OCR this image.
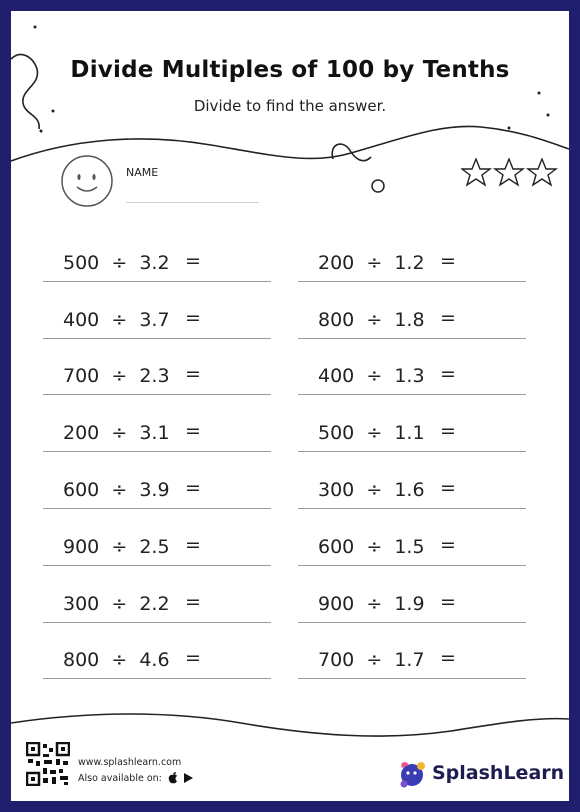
Divide Multiples of 100 by Tenths
Divide to find the answer.
NAME
500  ÷  3.2 =	200  ÷  1.2 =
400  ÷  3.7 =	800  ÷  1.8 =
700  ÷  2.3 =	400  ÷  1.3 =
200  ÷  3.1 =	500  ÷  1.1 =
600  ÷  3.9 =	300  ÷  1.6 =
900  ÷  2.5 =	600  ÷  1.5 =
300  ÷  2.2 =	900  ÷  1.9 =
800  ÷  4.6 =	700  ÷  1.7 =
www.splashlearn.com
Also available on:	SplashLearn
